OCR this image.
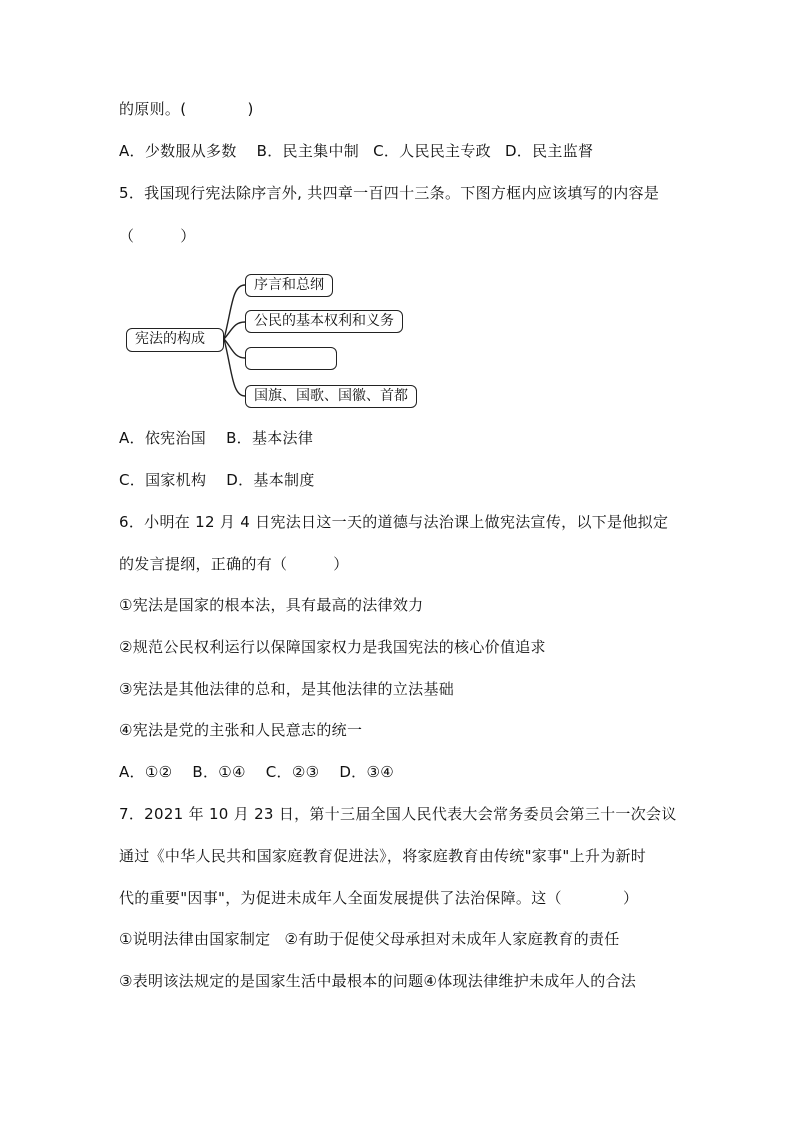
的原则。(　　　　)
A．少数服从多数 B．民主集中制 C．人民民主专政 D．民主监督
5．我国现行宪法除序言外, 共四章一百四十三条。下图方框内应该填写的内容是
（　　　）
宪法的构成
序言和总纲
公民的基本权利和义务
国旗、国歌、国徽、首都
A．依宪治国 B．基本法律
C．国家机构 D．基本制度
6．小明在 12 月 4 日宪法日这一天的道德与法治课上做宪法宣传，以下是他拟定
的发言提纲，正确的有（　　　）
①宪法是国家的根本法，具有最高的法律效力
②规范公民权利运行以保障国家权力是我国宪法的核心价值追求
③宪法是其他法律的总和，是其他法律的立法基础
④宪法是党的主张和人民意志的统一
A．①② B．①④ C．②③ D．③④
7．2021 年 10 月 23 日，第十三届全国人民代表大会常务委员会第三十一次会议
通过《中华人民共和国家庭教育促进法》，将家庭教育由传统"家事"上升为新时
代的重要"因事"，为促进未成年人全面发展提供了法治保障。这（　　　　）
①说明法律由国家制定 ②有助于促使父母承担对未成年人家庭教育的责任
③表明该法规定的是国家生活中最根本的问题④体现法律维护未成年人的合法
